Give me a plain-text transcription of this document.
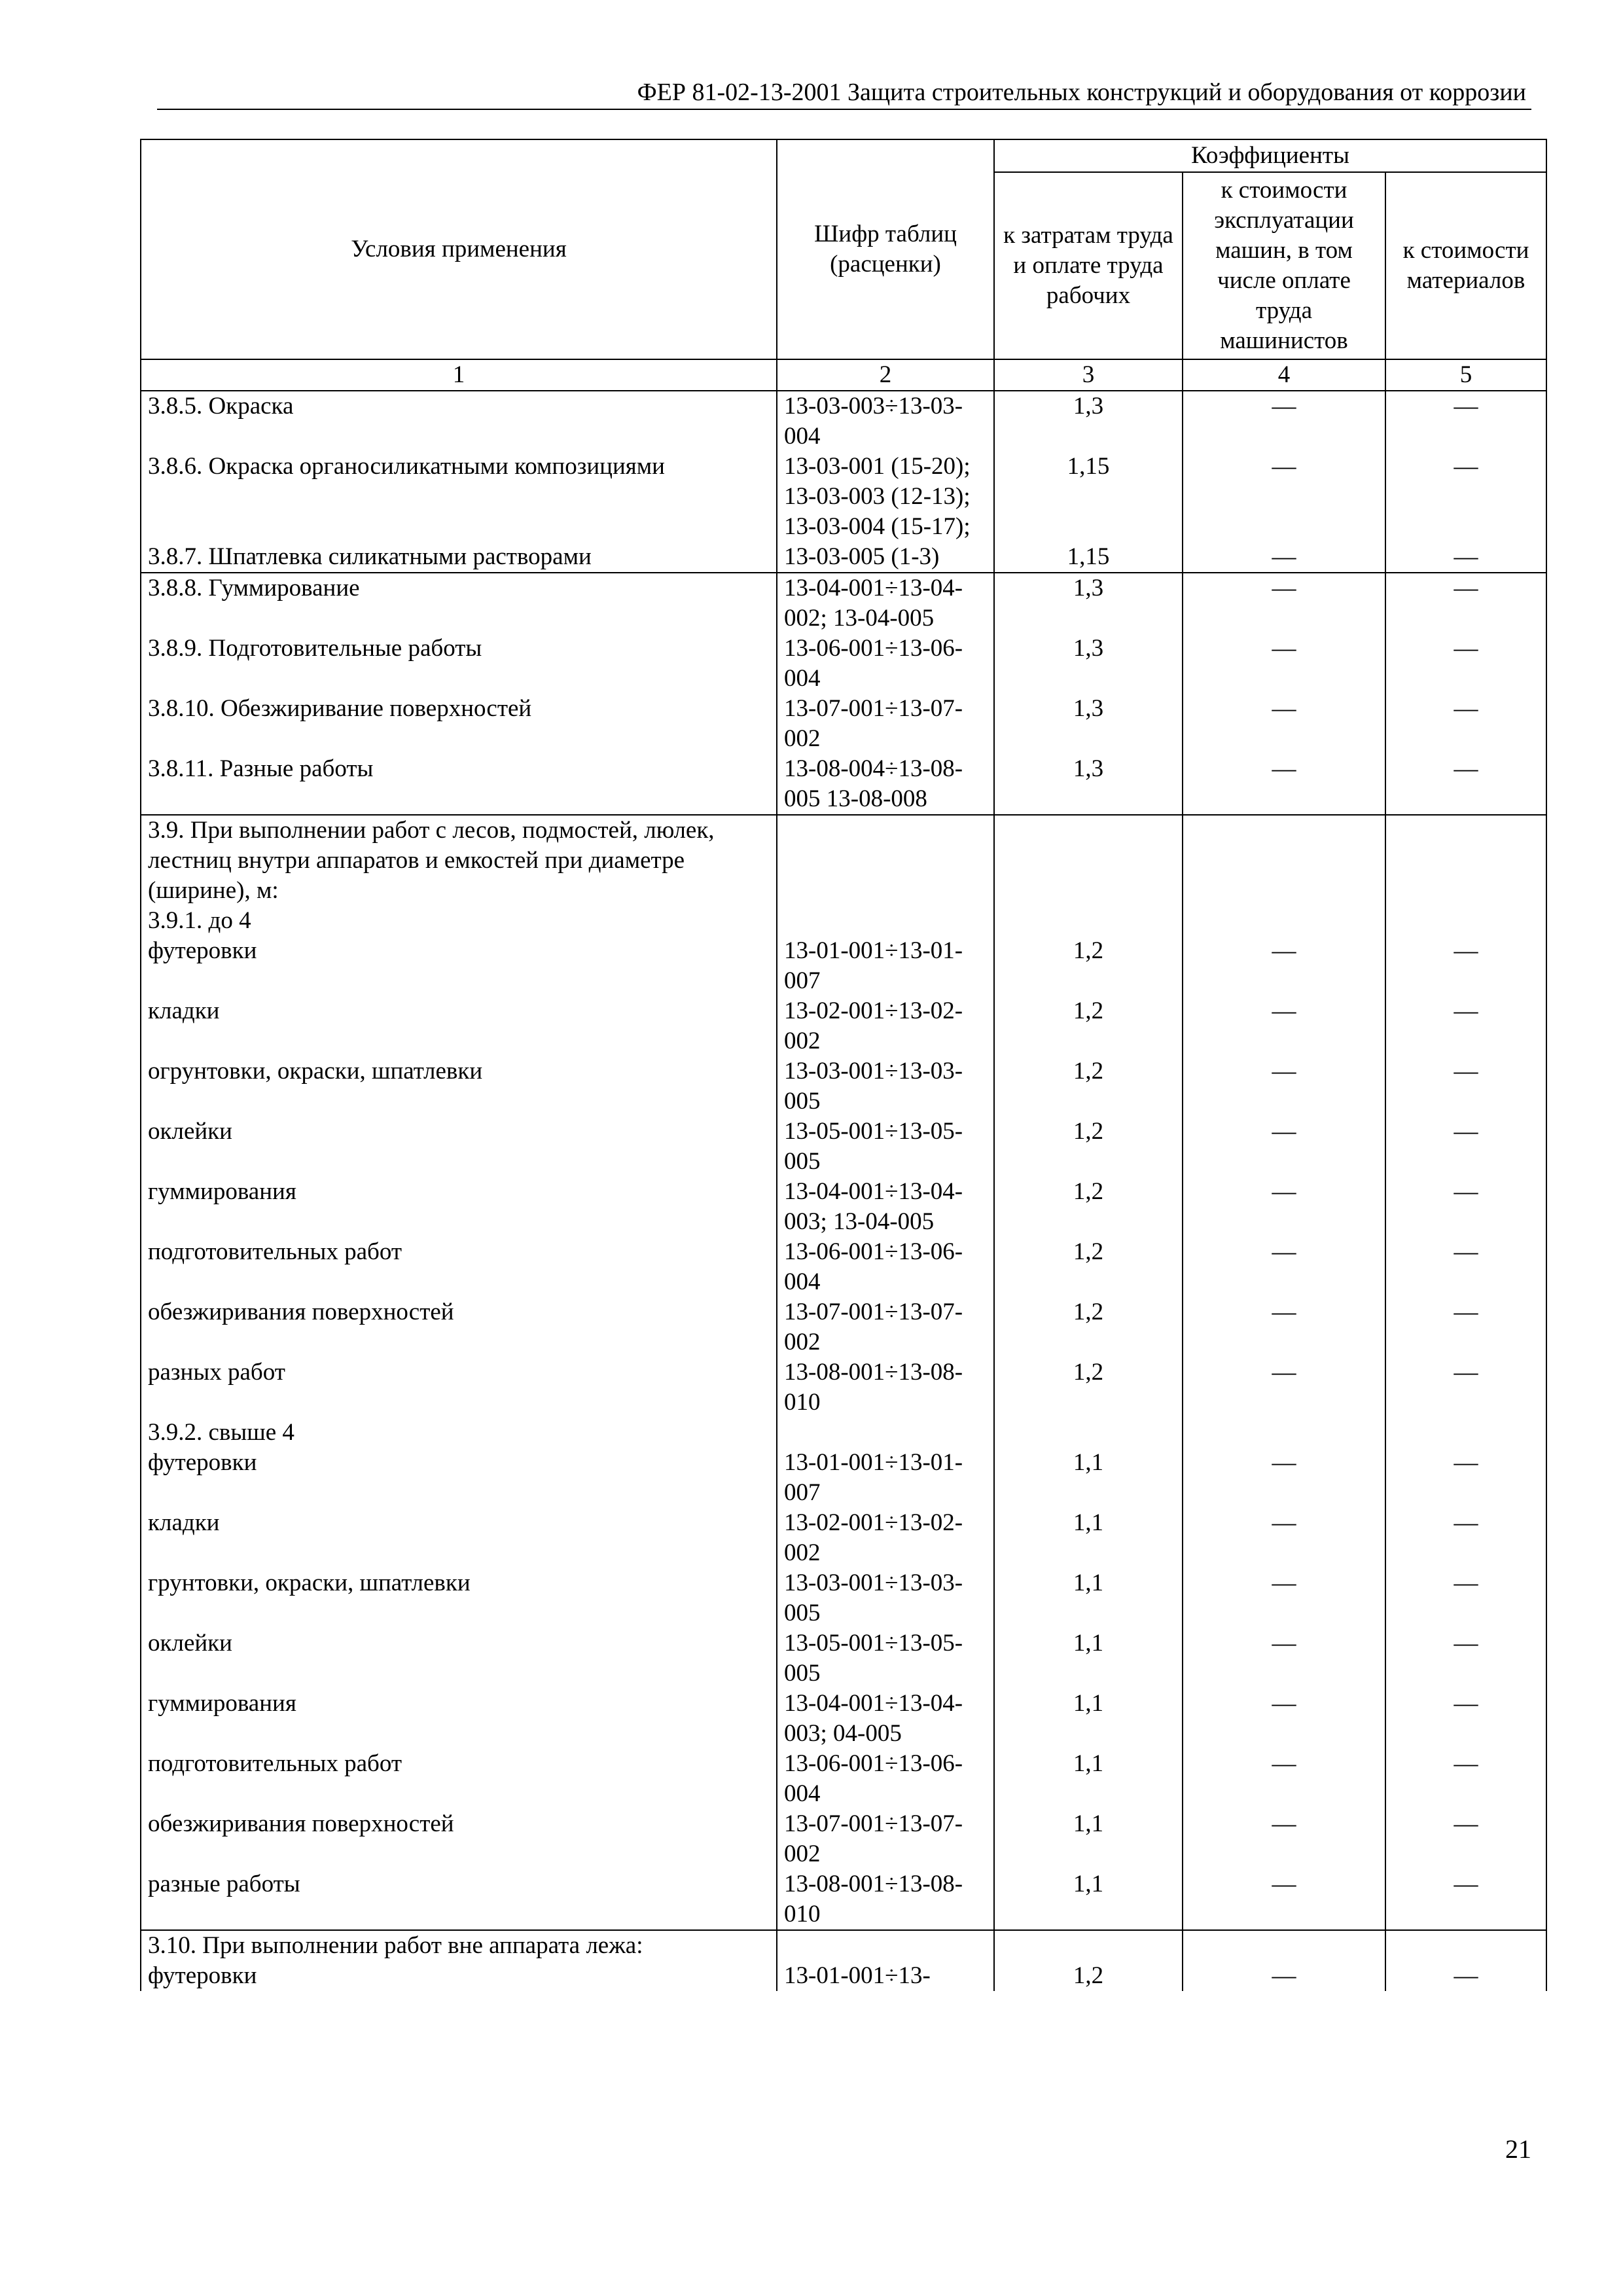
ФЕР 81-02-13-2001 Защита строительных конструкций и оборудования от коррозии
Условия применения	Шифр таблиц (расценки)	Коэффициенты		
		к затратам труда и оплате труда рабочих	к стоимости эксплуатации машин, в том числе оплате труда машинистов	к стоимости материалов
1	2	3	4	5
3.8.5. Окраска	13-03-003÷13-03-004	1,3	—	—
3.8.6. Окраска органосиликатными композициями	13-03-001 (15-20); 13-03-003 (12-13); 13-03-004 (15-17);	1,15	—	—
3.8.7. Шпатлевка силикатными растворами	13-03-005 (1-3)	1,15	—	—
3.8.8. Гуммирование	13-04-001÷13-04-002; 13-04-005	1,3	—	—
3.8.9. Подготовительные работы	13-06-001÷13-06-004	1,3	—	—
3.8.10. Обезжиривание поверхностей	13-07-001÷13-07-002	1,3	—	—
3.8.11. Разные работы	13-08-004÷13-08-005 13-08-008	1,3	—	—
3.9. При выполнении работ с лесов, подмостей, люлек, лестниц внутри аппаратов и емкостей при диаметре (ширине), м:				
3.9.1. до 4				
футеровки	13-01-001÷13-01-007	1,2	—	—
кладки	13-02-001÷13-02-002	1,2	—	—
огрунтовки, окраски, шпатлевки	13-03-001÷13-03-005	1,2	—	—
оклейки	13-05-001÷13-05-005	1,2	—	—
гуммирования	13-04-001÷13-04-003; 13-04-005	1,2	—	—
подготовительных работ	13-06-001÷13-06-004	1,2	—	—
обезжиривания поверхностей	13-07-001÷13-07-002	1,2	—	—
разных работ	13-08-001÷13-08-010	1,2	—	—
3.9.2. свыше 4				
футеровки	13-01-001÷13-01-007	1,1	—	—
кладки	13-02-001÷13-02-002	1,1	—	—
грунтовки, окраски, шпатлевки	13-03-001÷13-03-005	1,1	—	—
оклейки	13-05-001÷13-05-005	1,1	—	—
гуммирования	13-04-001÷13-04-003; 04-005	1,1	—	—
подготовительных работ	13-06-001÷13-06-004	1,1	—	—
обезжиривания поверхностей	13-07-001÷13-07-002	1,1	—	—
разные работы	13-08-001÷13-08-010	1,1	—	—
3.10. При выполнении работ вне аппарата лежа:				
футеровки	13-01-001÷13-	1,2	—	—
21
